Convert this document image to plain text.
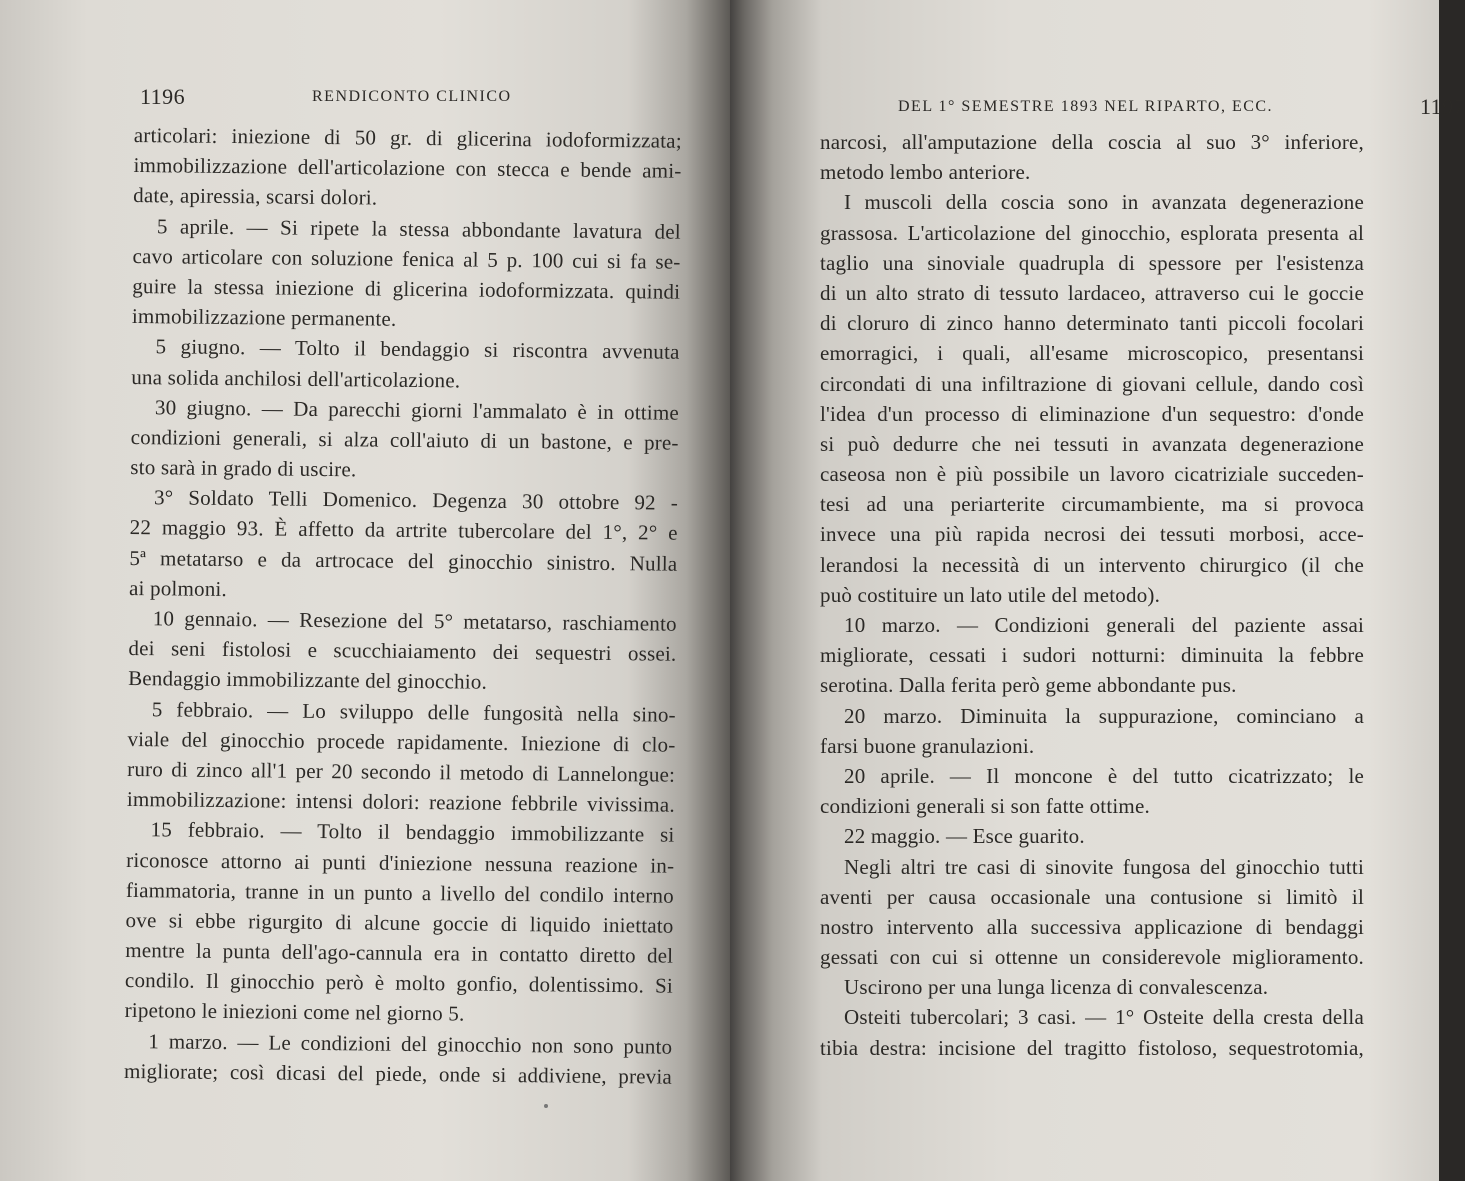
1196	RENDICONTO CLINICO
articolari: iniezione di 50 gr. di glicerina iodoformizzata;
immobilizzazione dell'articolazione con stecca e bende ami-
date, apiressia, scarsi dolori.
5 aprile. — Si ripete la stessa abbondante lavatura del
cavo articolare con soluzione fenica al 5 p. 100 cui si fa se-
guire la stessa iniezione di glicerina iodoformizzata. quindi
immobilizzazione permanente.
5 giugno. — Tolto il bendaggio si riscontra avvenuta
una solida anchilosi dell'articolazione.
30 giugno. — Da parecchi giorni l'ammalato è in ottime
condizioni generali, si alza coll'aiuto di un bastone, e pre-
sto sarà in grado di uscire.
3° Soldato Telli Domenico. Degenza 30 ottobre 92 -
22 maggio 93. È affetto da artrite tubercolare del 1°, 2° e
5ª metatarso e da artrocace del ginocchio sinistro. Nulla
ai polmoni.
10 gennaio. — Resezione del 5° metatarso, raschiamento
dei seni fistolosi e scucchiaiamento dei sequestri ossei.
Bendaggio immobilizzante del ginocchio.
5 febbraio. — Lo sviluppo delle fungosità nella sino-
viale del ginocchio procede rapidamente. Iniezione di clo-
ruro di zinco all'1 per 20 secondo il metodo di Lannelongue:
immobilizzazione: intensi dolori: reazione febbrile vivissima.
15 febbraio. — Tolto il bendaggio immobilizzante si
riconosce attorno ai punti d'iniezione nessuna reazione in-
fiammatoria, tranne in un punto a livello del condilo interno
ove si ebbe rigurgito di alcune goccie di liquido iniettato
mentre la punta dell'ago-cannula era in contatto diretto del
condilo. Il ginocchio però è molto gonfio, dolentissimo. Si
ripetono le iniezioni come nel giorno 5.
1 marzo. — Le condizioni del ginocchio non sono punto
migliorate; così dicasi del piede, onde si addiviene, previa
DEL 1° SEMESTRE 1893 NEL RIPARTO, ECC.	1197
narcosi, all'amputazione della coscia al suo 3° inferiore,
metodo lembo anteriore.
I muscoli della coscia sono in avanzata degenerazione
grassosa. L'articolazione del ginocchio, esplorata presenta al
taglio una sinoviale quadrupla di spessore per l'esistenza
di un alto strato di tessuto lardaceo, attraverso cui le goccie
di cloruro di zinco hanno determinato tanti piccoli focolari
emorragici, i quali, all'esame microscopico, presentansi
circondati di una infiltrazione di giovani cellule, dando così
l'idea d'un processo di eliminazione d'un sequestro: d'onde
si può dedurre che nei tessuti in avanzata degenerazione
caseosa non è più possibile un lavoro cicatriziale succeden-
tesi ad una periarterite circumambiente, ma si provoca
invece una più rapida necrosi dei tessuti morbosi, acce-
lerandosi la necessità di un intervento chirurgico (il che
può costituire un lato utile del metodo).
10 marzo. — Condizioni generali del paziente assai
migliorate, cessati i sudori notturni: diminuita la febbre
serotina. Dalla ferita però geme abbondante pus.
20 marzo. Diminuita la suppurazione, cominciano a
farsi buone granulazioni.
20 aprile. — Il moncone è del tutto cicatrizzato; le
condizioni generali si son fatte ottime.
22 maggio. — Esce guarito.
Negli altri tre casi di sinovite fungosa del ginocchio tutti
aventi per causa occasionale una contusione si limitò il
nostro intervento alla successiva applicazione di bendaggi
gessati con cui si ottenne un considerevole miglioramento.
Uscirono per una lunga licenza di convalescenza.
Osteiti tubercolari; 3 casi. — 1° Osteite della cresta della
tibia destra: incisione del tragitto fistoloso, sequestrotomia,
